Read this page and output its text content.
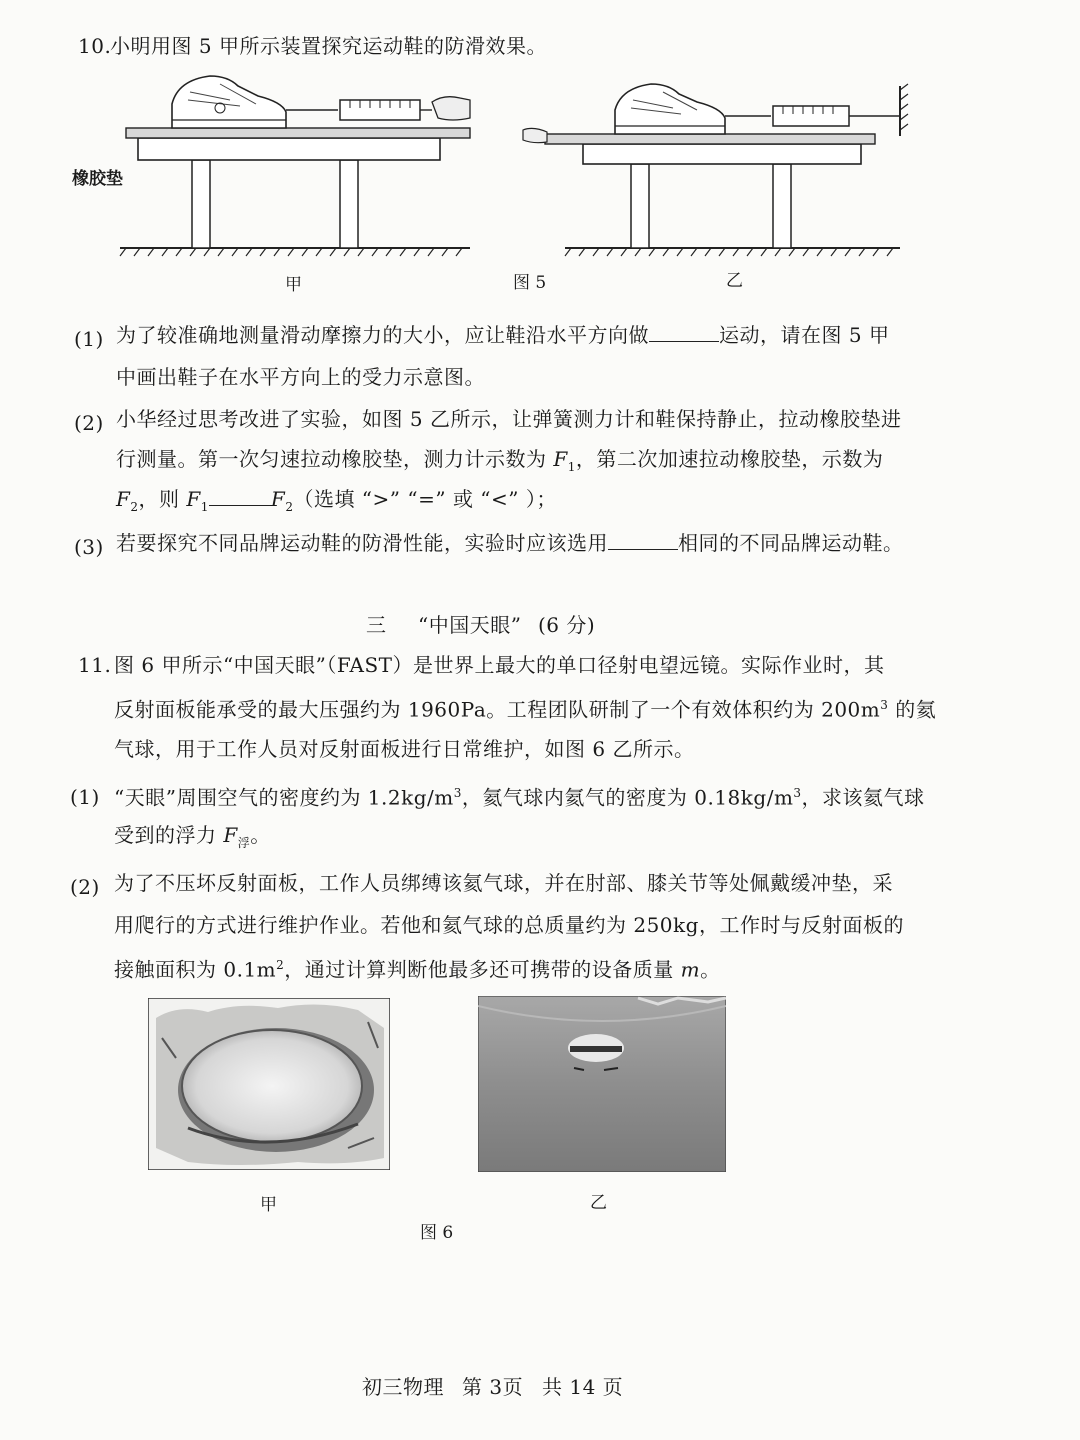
10.
小明用图 5 甲所示装置探究运动鞋的防滑效果。
橡胶垫
甲	图 5	乙
(1) 为了较准确地测量滑动摩擦力的大小，应让鞋沿水平方向做	运动，请在图 5 甲
中画出鞋子在水平方向上的受力示意图。
(2) 小华经过思考改进了实验，如图 5 乙所示，让弹簧测力计和鞋保持静止，拉动橡胶垫进
行测量。第一次匀速拉动橡胶垫，测力计示数为 $F_1$，第二次加速拉动橡胶垫，示数为
$F_2$，则 $F_1$	$F_2$（选填 “>” “=” 或 “<” ）；
(3) 若要探究不同品牌运动鞋的防滑性能，实验时应该选用	相同的不同品牌运动鞋。
三 “中国天眼” (6 分)
11. 图 6 甲所示“中国天眼”（FAST）是世界上最大的单口径射电望远镜。实际作业时，其
反射面板能承受的最大压强约为 1960Pa。工程团队研制了一个有效体积约为 $200m^3$ 的氦
气球，用于工作人员对反射面板进行日常维护，如图 6 乙所示。
(1) “天眼”周围空气的密度约为 $1.2kg/m^3$，氦气球内氦气的密度为 $0.18kg/m^3$，求该氦气球
受到的浮力 $F_浮$。
(2) 为了不压坏反射面板，工作人员绑缚该氦气球，并在肘部、膝关节等处佩戴缓冲垫，采
用爬行的方式进行维护作业。若他和氦气球的总质量约为 250kg，工作时与反射面板的
接触面积为 $0.1m^2$，通过计算判断他最多还可携带的设备质量 m。
甲	乙
图 6
初三物理 第 3页 共 14 页
